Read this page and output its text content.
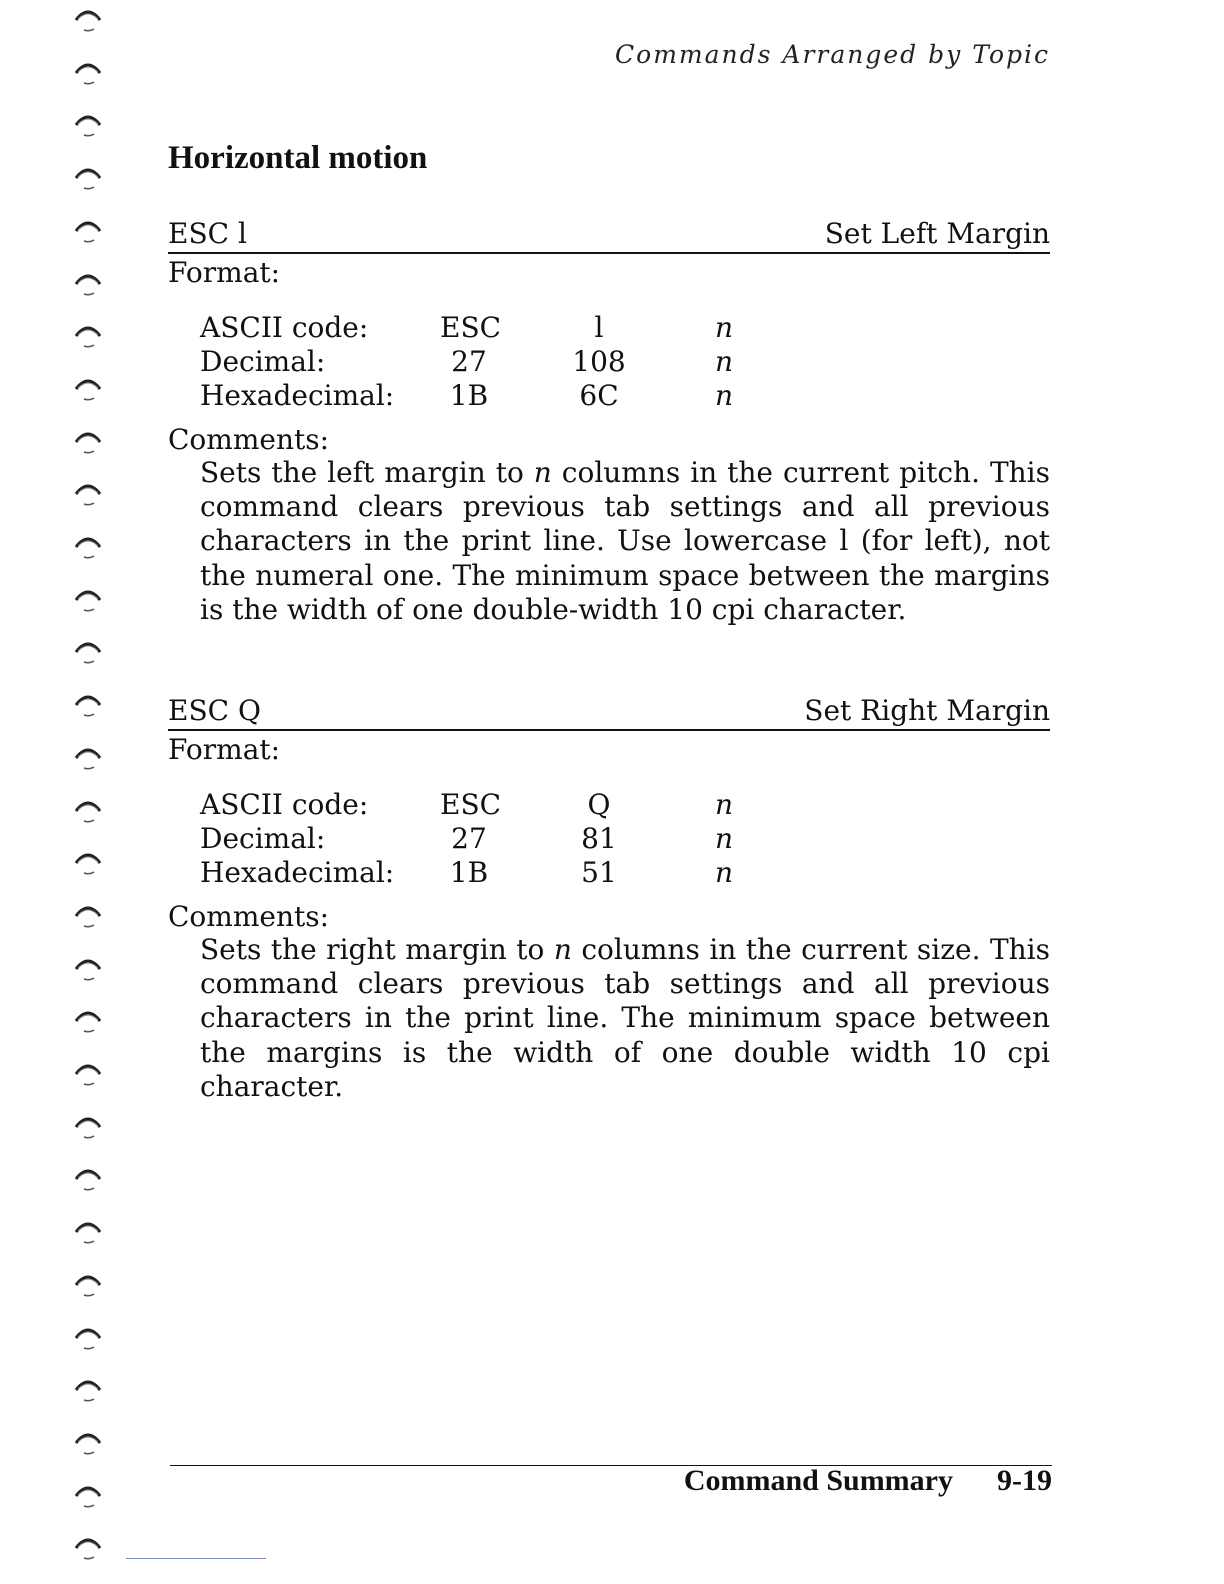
Commands Arranged by Topic
Horizontal motion
ESC l	Set Left Margin
Format:
ASCII code:	ESC	l	n
Decimal:	27	108	n
Hexadecimal:	1B	6C	n
Comments:
Sets the left margin to n columns in the current pitch. This command clears previous tab settings and all previous characters in the print line. Use lowercase l (for left), not the numeral one. The minimum space between the margins is the width of one double-width 10 cpi character.
ESC Q	Set Right Margin
Format:
ASCII code:	ESC	Q	n
Decimal:	27	81	n
Hexadecimal:	1B	51	n
Comments:
Sets the right margin to n columns in the current size. This command clears previous tab settings and all previous characters in the print line. The minimum space between the margins is the width of one double width 10 cpi character.
Command Summary 9-19
